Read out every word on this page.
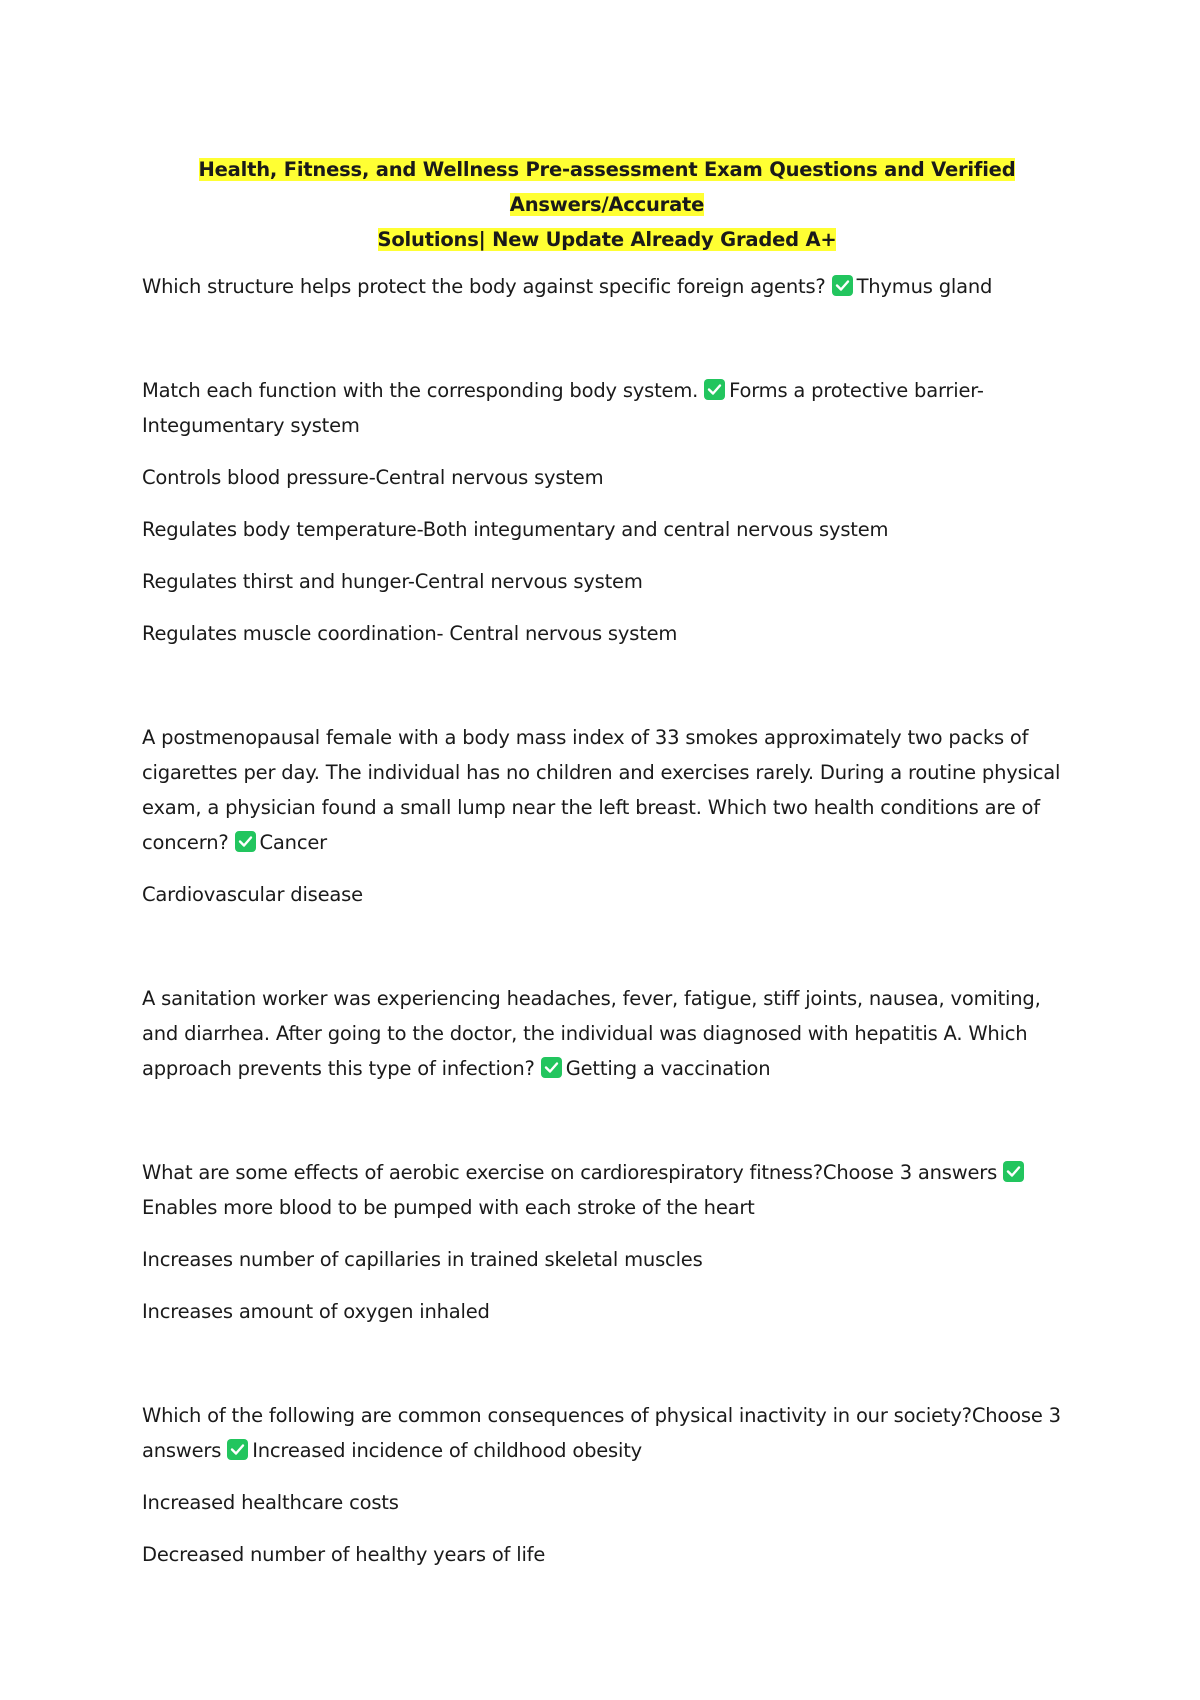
Health, Fitness, and Wellness Pre-assessment Exam Questions and Verified Answers/Accurate
Solutions| New Update Already Graded A+

Which structure helps protect the body against specific foreign agents? Thymus gland

Match each function with the corresponding body system. Forms a protective barrier-Integumentary system

Controls blood pressure-Central nervous system

Regulates body temperature-Both integumentary and central nervous system

Regulates thirst and hunger-Central nervous system

Regulates muscle coordination- Central nervous system

A postmenopausal female with a body mass index of 33 smokes approximately two packs of cigarettes per day. The individual has no children and exercises rarely. During a routine physical exam, a physician found a small lump near the left breast. Which two health conditions are of concern? Cancer

Cardiovascular disease

A sanitation worker was experiencing headaches, fever, fatigue, stiff joints, nausea, vomiting, and diarrhea. After going to the doctor, the individual was diagnosed with hepatitis A. Which approach prevents this type of infection? Getting a vaccination

What are some effects of aerobic exercise on cardiorespiratory fitness?Choose 3 answers
Enables more blood to be pumped with each stroke of the heart

Increases number of capillaries in trained skeletal muscles

Increases amount of oxygen inhaled

Which of the following are common consequences of physical inactivity in our society?Choose 3 answers Increased incidence of childhood obesity

Increased healthcare costs

Decreased number of healthy years of life
